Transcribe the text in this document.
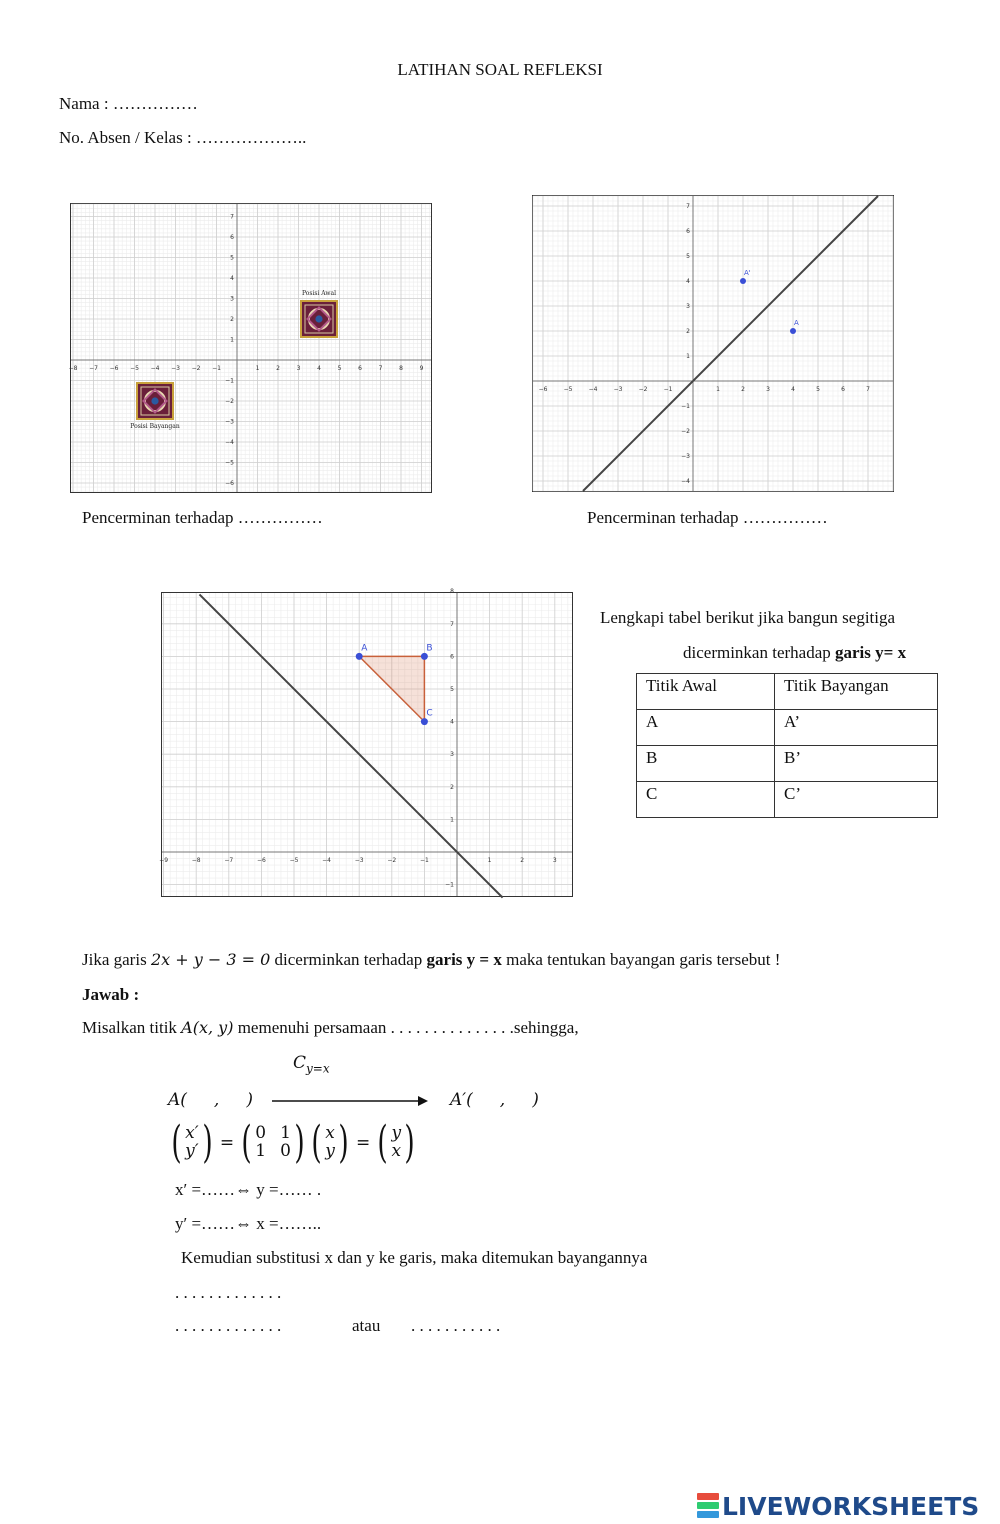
LATIHAN SOAL REFLEKSI
Nama : ……………
No. Absen / Kelas : ………………..
−8 −7 −6 −5 −4 −3 −2 −1	1	2	3	4	5	6	7	8	9
−6
−5
−4
−3
−2
−1
1
2
3
4
5
6
7
Posisi Awal
Posisi Bayangan
Pencerminan terhadap ……………
−6	−5	−4	−3	−2	−1	1	2	3	4	5	6	7
−4
−3
−2
−1
1
2
3
4
5
6
7
A
A'
Pencerminan terhadap ……………
−9	−8	−7	−6	−5	−4	−3	−2	−1	1	2	3
−1
1
2
3
4
5
6
7
8
A	B
C
Lengkapi tabel berikut jika bangun segitiga
dicerminkan terhadap garis y= x
Titik Awal	Titik Bayangan
A	A’
B	B’
C	C’
Jika garis 2x + y − 3 = 0 dicerminkan terhadap garis y = x maka tentukan bayangan garis tersebut !
Jawab :
Misalkan titik A(x, y) memenuhi persamaan . . . . . . . . . . . . . . .sehingga,
$C_{y=x}$
A(     ,     )	A′(     ,     )
( x′
y′ ) = ( 0 1
1 0 ) ( x
y ) = ( y
x )
x′ =……⇔ y =…… .
y′ =……⇔ x =……..
Kemudian substitusi x dan y ke garis, maka ditemukan bayangannya
. . . . . . . . . . . . .
. . . . . . . . . . . . .	atau . . . . . . . . . . .
LIVEWORKSHEETS
